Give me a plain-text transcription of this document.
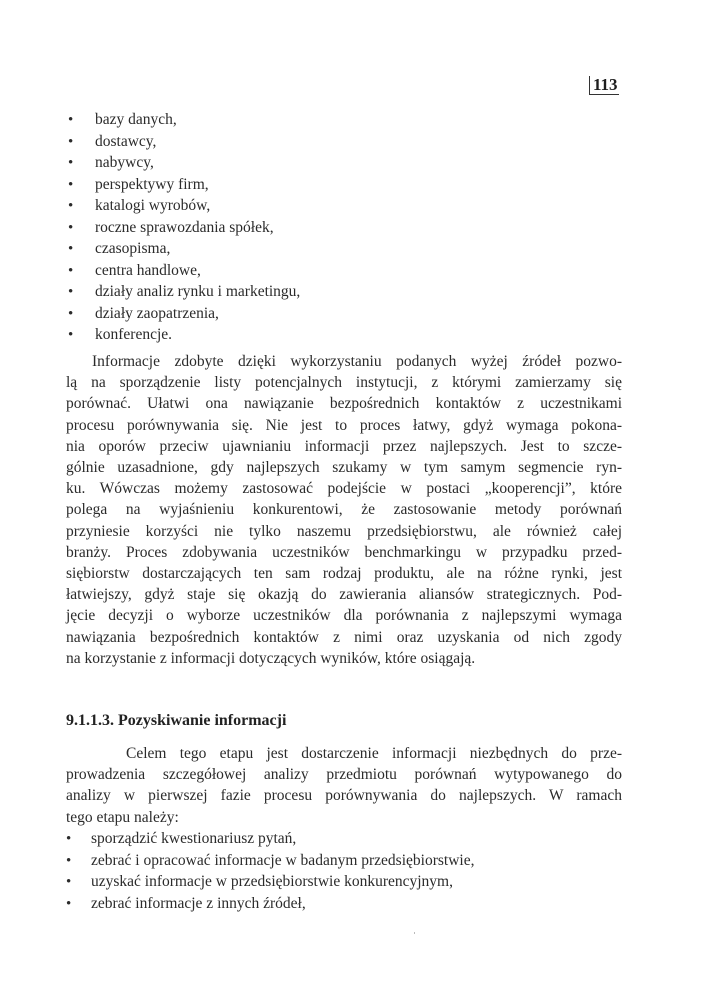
113
• bazy danych,
• dostawcy,
• nabywcy,
• perspektywy firm,
• katalogi wyrobów,
• roczne sprawozdania spółek,
• czasopisma,
• centra handlowe,
• działy analiz rynku i marketingu,
• działy zaopatrzenia,
• konferencje.
Informacje zdobyte dzięki wykorzystaniu podanych wyżej źródeł pozwo-
lą na sporządzenie listy potencjalnych instytucji, z którymi zamierzamy się
porównać. Ułatwi ona nawiązanie bezpośrednich kontaktów z uczestnikami
procesu porównywania się. Nie jest to proces łatwy, gdyż wymaga pokona-
nia oporów przeciw ujawnianiu informacji przez najlepszych. Jest to szcze-
gólnie uzasadnione, gdy najlepszych szukamy w tym samym segmencie ryn-
ku. Wówczas możemy zastosować podejście w postaci „kooperencji”, które
polega na wyjaśnieniu konkurentowi, że zastosowanie metody porównań
przyniesie korzyści nie tylko naszemu przedsiębiorstwu, ale również całej
branży. Proces zdobywania uczestników benchmarkingu w przypadku przed-
siębiorstw dostarczających ten sam rodzaj produktu, ale na różne rynki, jest
łatwiejszy, gdyż staje się okazją do zawierania aliansów strategicznych. Pod-
jęcie decyzji o wyborze uczestników dla porównania z najlepszymi wymaga
nawiązania bezpośrednich kontaktów z nimi oraz uzyskania od nich zgody
na korzystanie z informacji dotyczących wyników, które osiągają.
9.1.1.3. Pozyskiwanie informacji
Celem tego etapu jest dostarczenie informacji niezbędnych do prze-
prowadzenia szczegółowej analizy przedmiotu porównań wytypowanego do
analizy w pierwszej fazie procesu porównywania do najlepszych. W ramach
tego etapu należy:
• sporządzić kwestionariusz pytań,
• zebrać i opracować informacje w badanym przedsiębiorstwie,
• uzyskać informacje w przedsiębiorstwie konkurencyjnym,
• zebrać informacje z innych źródeł,
